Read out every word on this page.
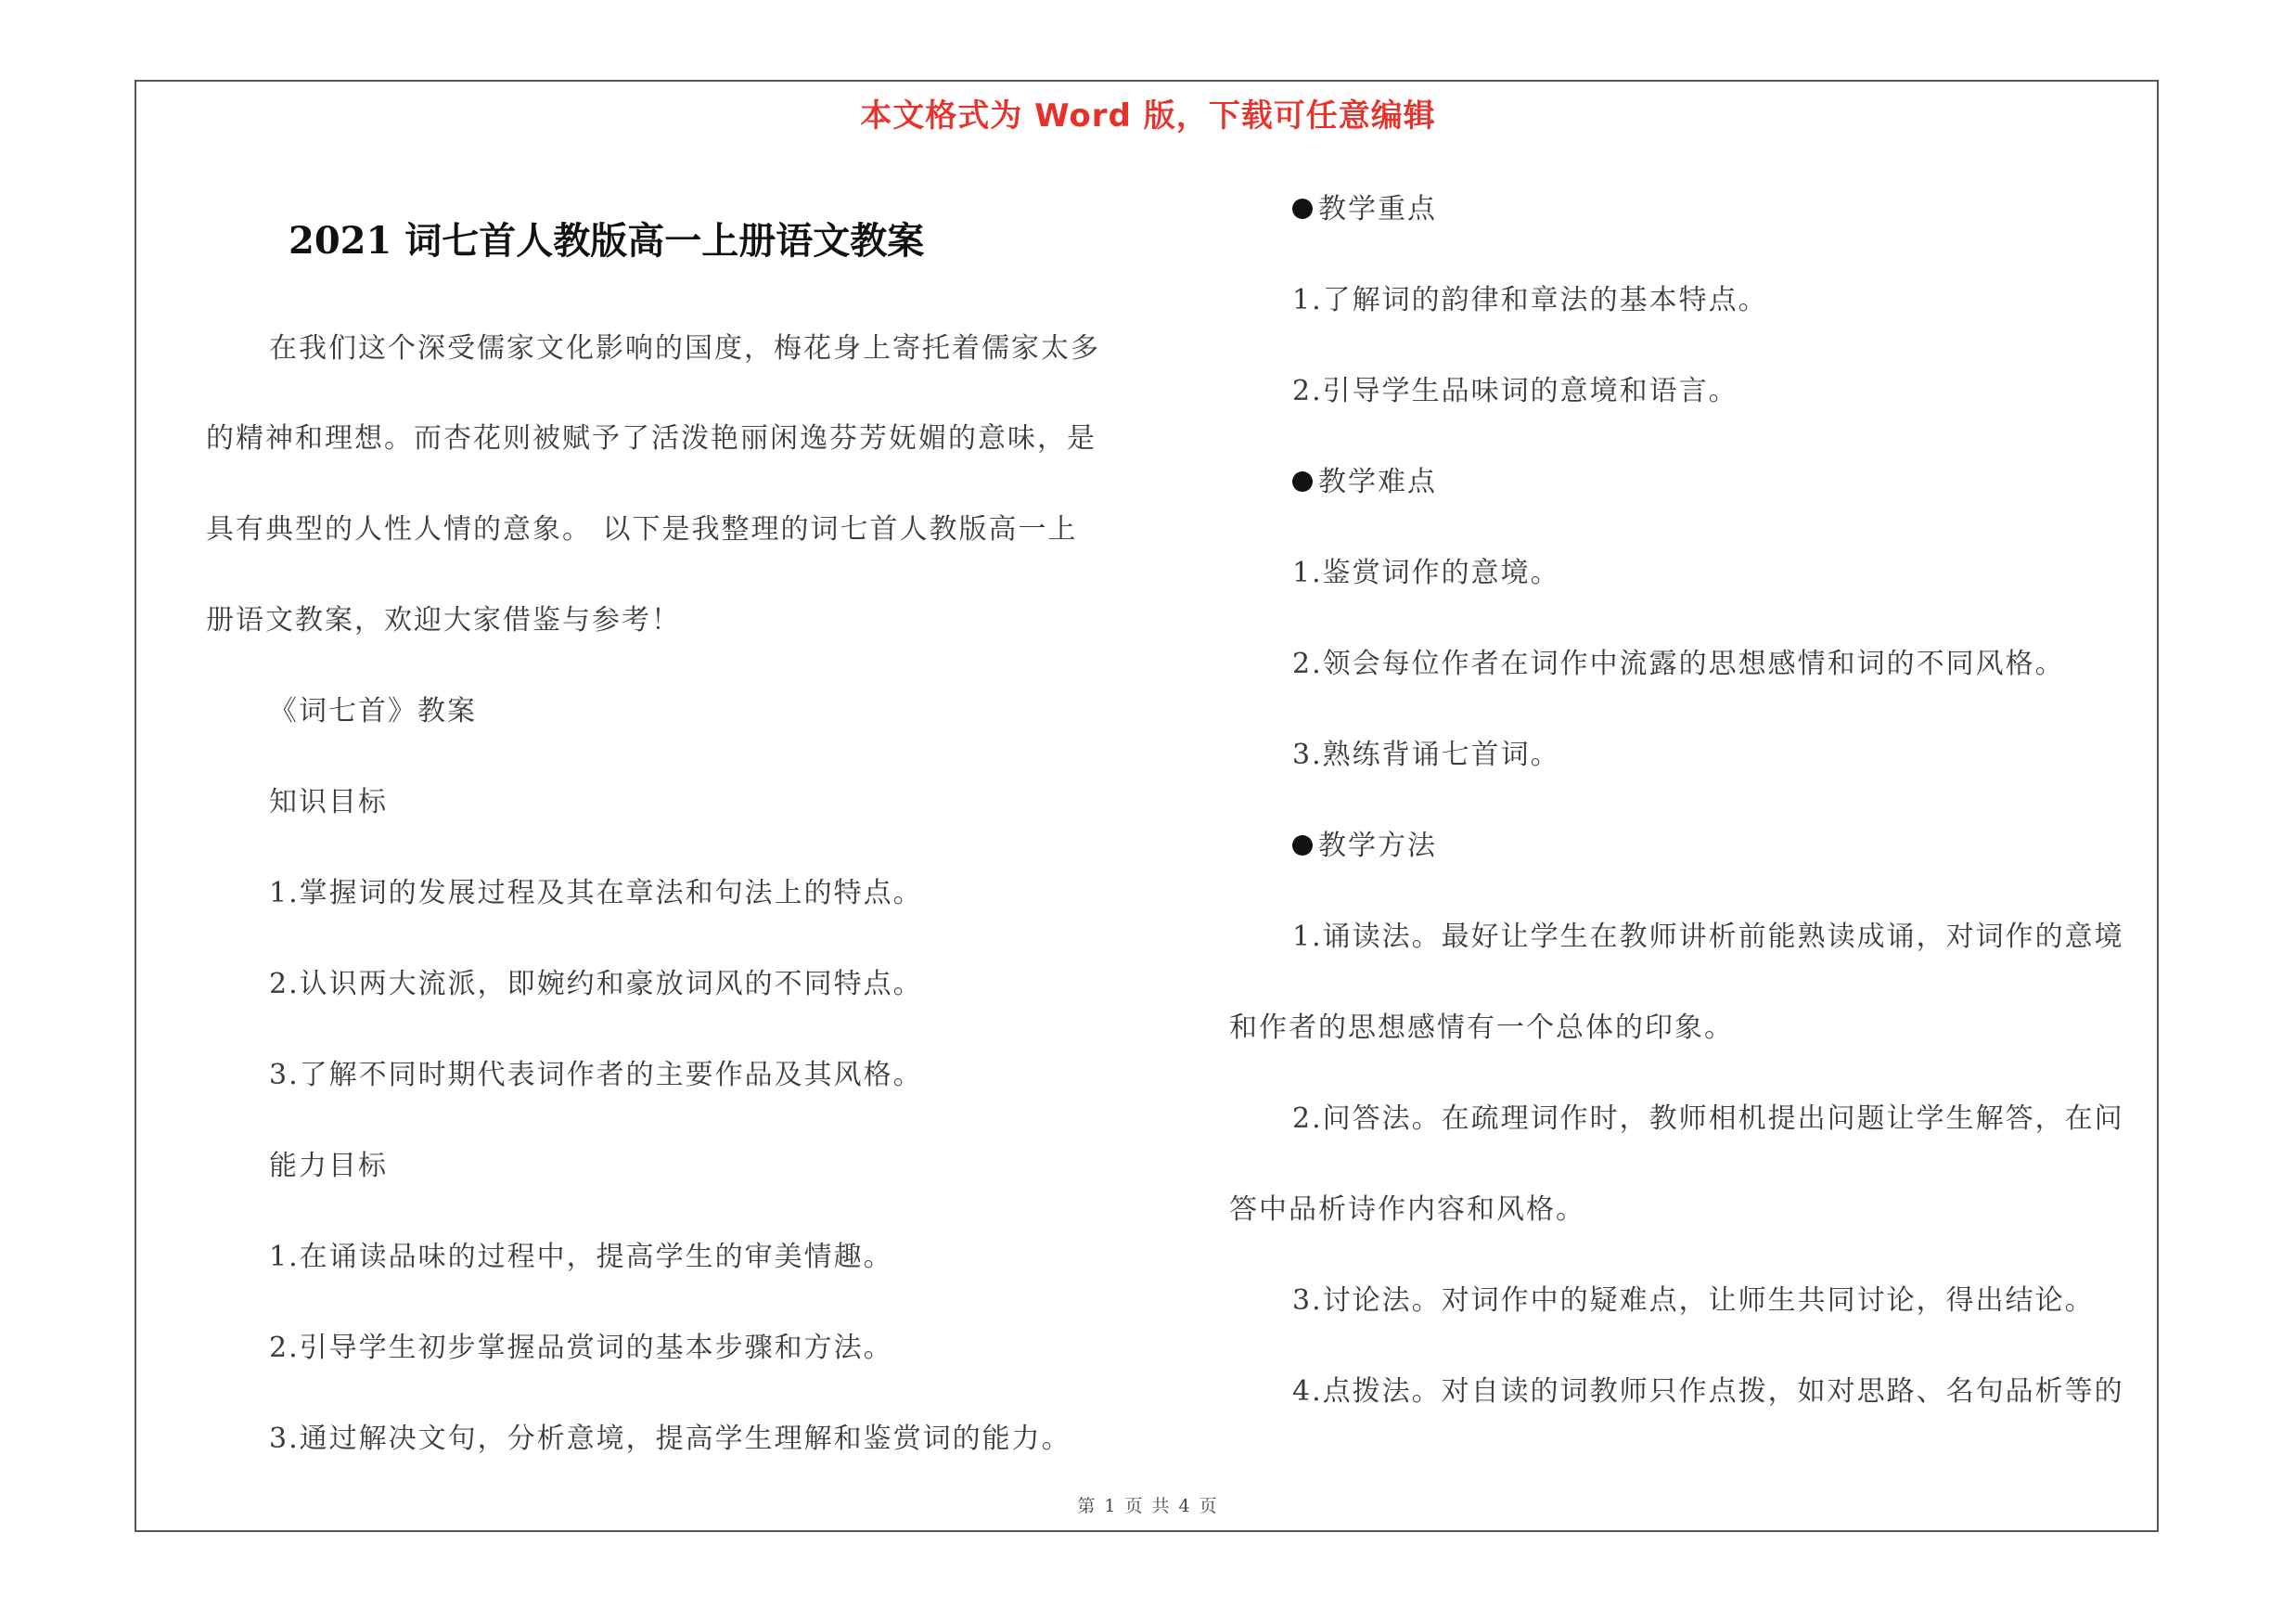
本文格式为 Word 版，下载可任意编辑
2021 词七首人教版高一上册语文教案
在我们这个深受儒家文化影响的国度，梅花身上寄托着儒家太多
的精神和理想。而杏花则被赋予了活泼艳丽闲逸芬芳妩媚的意味，是
具有典型的人性人情的意象。 以下是我整理的词七首人教版高一上
册语文教案，欢迎大家借鉴与参考！
《词七首》教案
知识目标
1.掌握词的发展过程及其在章法和句法上的特点。
2.认识两大流派，即婉约和豪放词风的不同特点。
3.了解不同时期代表词作者的主要作品及其风格。
能力目标
1.在诵读品味的过程中，提高学生的审美情趣。
2.引导学生初步掌握品赏词的基本步骤和方法。
3.通过解决文句，分析意境，提高学生理解和鉴赏词的能力。
教学重点
1.了解词的韵律和章法的基本特点。
2.引导学生品味词的意境和语言。
教学难点
1.鉴赏词作的意境。
2.领会每位作者在词作中流露的思想感情和词的不同风格。
3.熟练背诵七首词。
教学方法
1.诵读法。最好让学生在教师讲析前能熟读成诵，对词作的意境
和作者的思想感情有一个总体的印象。
2.问答法。在疏理词作时，教师相机提出问题让学生解答，在问
答中品析诗作内容和风格。
3.讨论法。对词作中的疑难点，让师生共同讨论，得出结论。
4.点拨法。对自读的词教师只作点拨，如对思路、名句品析等的
第 1 页 共 4 页
